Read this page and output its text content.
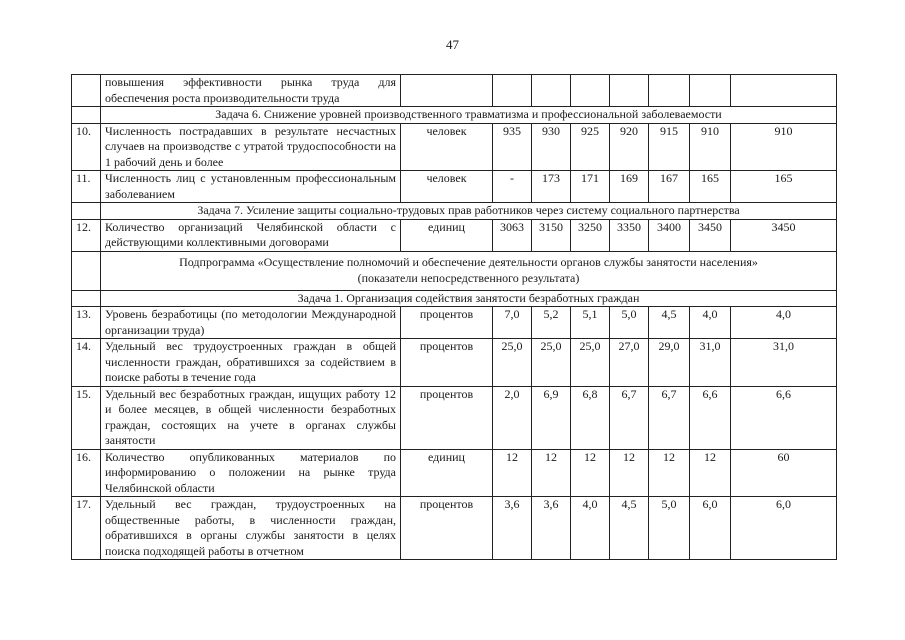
47
	повышения эффективности рынка труда для обеспечения роста производительности труда								
	Задача 6. Снижение уровней производственного травматизма и профессиональной заболеваемости								
10.	Численность пострадавших в результате несчастных случаев на производстве с утратой трудоспособности на 1 рабочий день и более	человек	935	930	925	920	915	910	910
11.	Численность лиц с установленным профессиональным заболеванием	человек	-	173	171	169	167	165	165
	Задача 7. Усиление защиты социально-трудовых прав работников через систему социального партнерства								
12.	Количество организаций Челябинской области с действующими коллективными договорами	единиц	3063	3150	3250	3350	3400	3450	3450

	Подпрограмма «Осуществление полномочий и обеспечение деятельности органов службы занятости населения»
(показатели непосредственного результата)								

	Задача 1. Организация содействия занятости безработных граждан								
13.	Уровень безработицы (по методологии Международной организации труда)	процентов	7,0	5,2	5,1	5,0	4,5	4,0	4,0
14.	Удельный вес трудоустроенных граждан в общей численности граждан, обратившихся за содействием в поиске работы в течение года	процентов	25,0	25,0	25,0	27,0	29,0	31,0	31,0
15.	Удельный вес безработных граждан, ищущих работу 12 и более месяцев, в общей численности безработных граждан, состоящих на учете в органах службы занятости	процентов	2,0	6,9	6,8	6,7	6,7	6,6	6,6
16.	Количество опубликованных материалов по информированию о положении на рынке труда Челябинской области	единиц	12	12	12	12	12	12	60
17.	Удельный вес граждан, трудоустроенных на общественные работы, в численности граждан, обратившихся в органы службы занятости в целях поиска подходящей работы в отчетном	процентов	3,6	3,6	4,0	4,5	5,0	6,0	6,0
